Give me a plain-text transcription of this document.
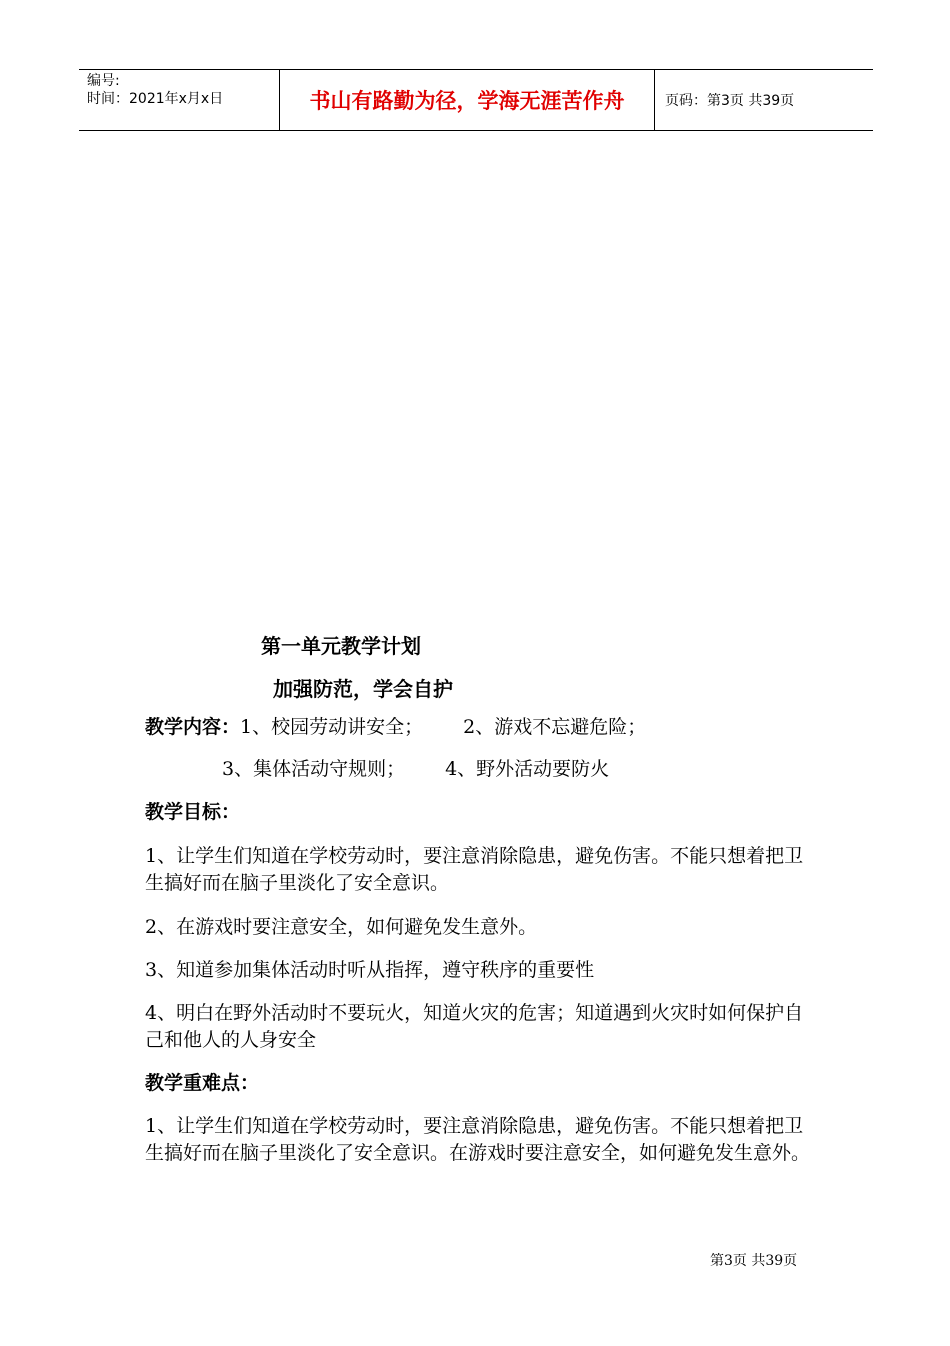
编号:
时间：2021年x月x日	书山有路勤为径，学海无涯苦作舟	页码：第3页 共39页

第一单元教学计划

加强防范，学会自护

教学内容：1、校园劳动讲安全； 2、游戏不忘避危险；

3、集体活动守规则； 4、野外活动要防火

教学目标：

1、让学生们知道在学校劳动时，要注意消除隐患，避免伤害。不能只想着把卫生搞好而在脑子里淡化了安全意识。

2、在游戏时要注意安全，如何避免发生意外。

3、知道参加集体活动时听从指挥，遵守秩序的重要性

4、明白在野外活动时不要玩火，知道火灾的危害；知道遇到火灾时如何保护自己和他人的人身安全

教学重难点：

1、让学生们知道在学校劳动时，要注意消除隐患，避免伤害。不能只想着把卫生搞好而在脑子里淡化了安全意识。在游戏时要注意安全，如何避免发生意外。

第3页 共39页
